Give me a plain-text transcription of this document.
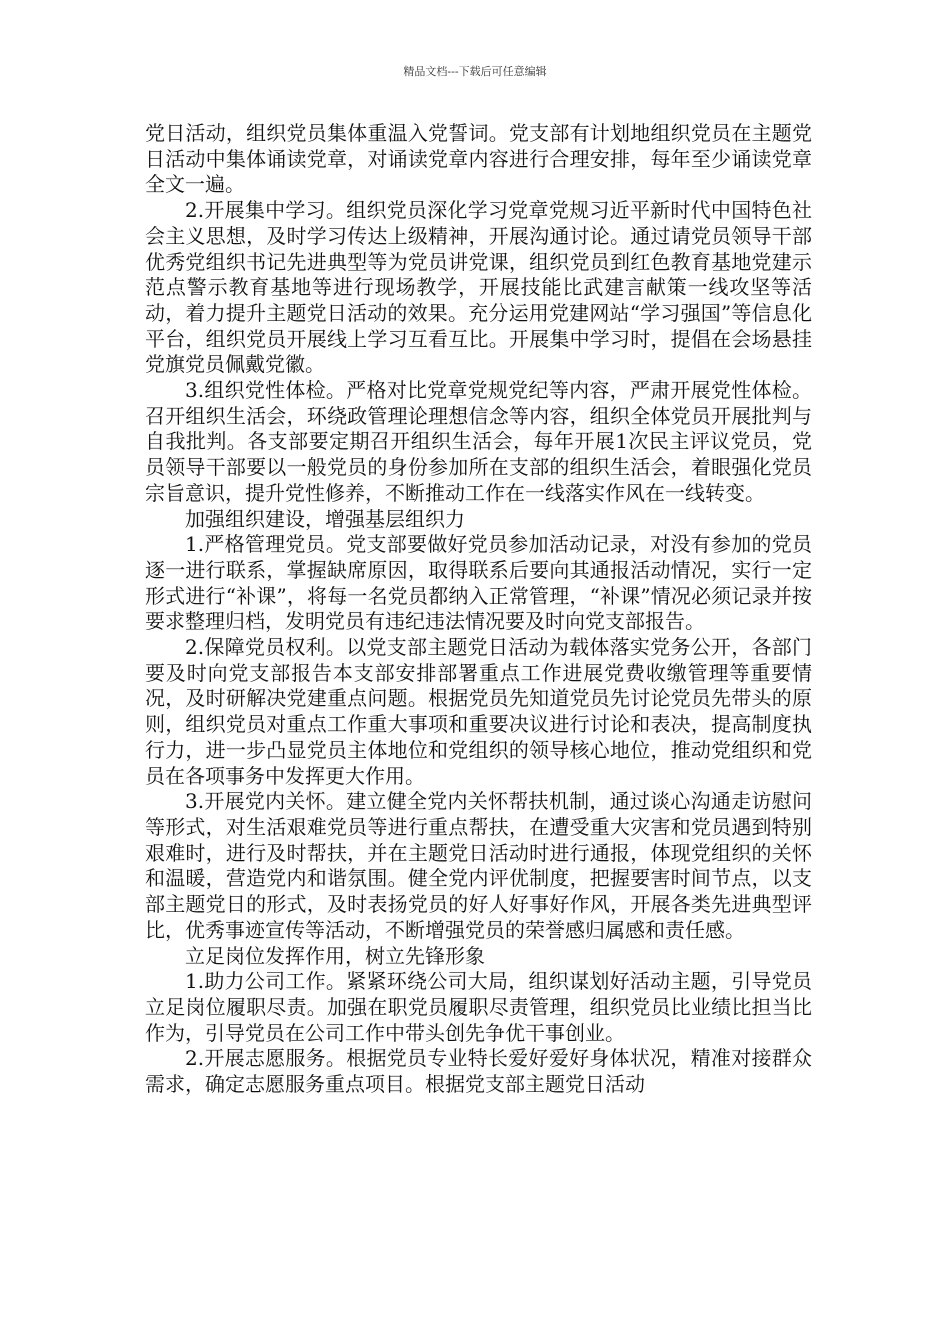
精品文档---下载后可任意编辑

党日活动，组织党员集体重温入党誓词。党支部有计划地组织党员在主题党日活动中集体诵读党章，对诵读党章内容进行合理安排，每年至少诵读党章全文一遍。

2.开展集中学习。组织党员深化学习党章党规习近平新时代中国特色社会主义思想，及时学习传达上级精神，开展沟通讨论。通过请党员领导干部优秀党组织书记先进典型等为党员讲党课，组织党员到红色教育基地党建示范点警示教育基地等进行现场教学，开展技能比武建言献策一线攻坚等活动，着力提升主题党日活动的效果。充分运用党建网站“学习强国”等信息化平台，组织党员开展线上学习互看互比。开展集中学习时，提倡在会场悬挂党旗党员佩戴党徽。

3.组织党性体检。严格对比党章党规党纪等内容，严肃开展党性体检。召开组织生活会，环绕政管理论理想信念等内容，组织全体党员开展批判与自我批判。各支部要定期召开组织生活会，每年开展1次民主评议党员，党员领导干部要以一般党员的身份参加所在支部的组织生活会，着眼强化党员宗旨意识，提升党性修养，不断推动工作在一线落实作风在一线转变。

加强组织建设，增强基层组织力

1.严格管理党员。党支部要做好党员参加活动记录，对没有参加的党员逐一进行联系，掌握缺席原因，取得联系后要向其通报活动情况，实行一定形式进行“补课”，将每一名党员都纳入正常管理，“补课”情况必须记录并按要求整理归档，发明党员有违纪违法情况要及时向党支部报告。

2.保障党员权利。以党支部主题党日活动为载体落实党务公开，各部门要及时向党支部报告本支部安排部署重点工作进展党费收缴管理等重要情况，及时研解决党建重点问题。根据党员先知道党员先讨论党员先带头的原则，组织党员对重点工作重大事项和重要决议进行讨论和表决，提高制度执行力，进一步凸显党员主体地位和党组织的领导核心地位，推动党组织和党员在各项事务中发挥更大作用。

3.开展党内关怀。建立健全党内关怀帮扶机制，通过谈心沟通走访慰问等形式，对生活艰难党员等进行重点帮扶，在遭受重大灾害和党员遇到特别艰难时，进行及时帮扶，并在主题党日活动时进行通报，体现党组织的关怀和温暖，营造党内和谐氛围。健全党内评优制度，把握要害时间节点，以支部主题党日的形式，及时表扬党员的好人好事好作风，开展各类先进典型评比，优秀事迹宣传等活动，不断增强党员的荣誉感归属感和责任感。

立足岗位发挥作用，树立先锋形象

1.助力公司工作。紧紧环绕公司大局，组织谋划好活动主题，引导党员立足岗位履职尽责。加强在职党员履职尽责管理，组织党员比业绩比担当比作为，引导党员在公司工作中带头创先争优干事创业。

2.开展志愿服务。根据党员专业特长爱好爱好身体状况，精准对接群众需求，确定志愿服务重点项目。根据党支部主题党日活动
